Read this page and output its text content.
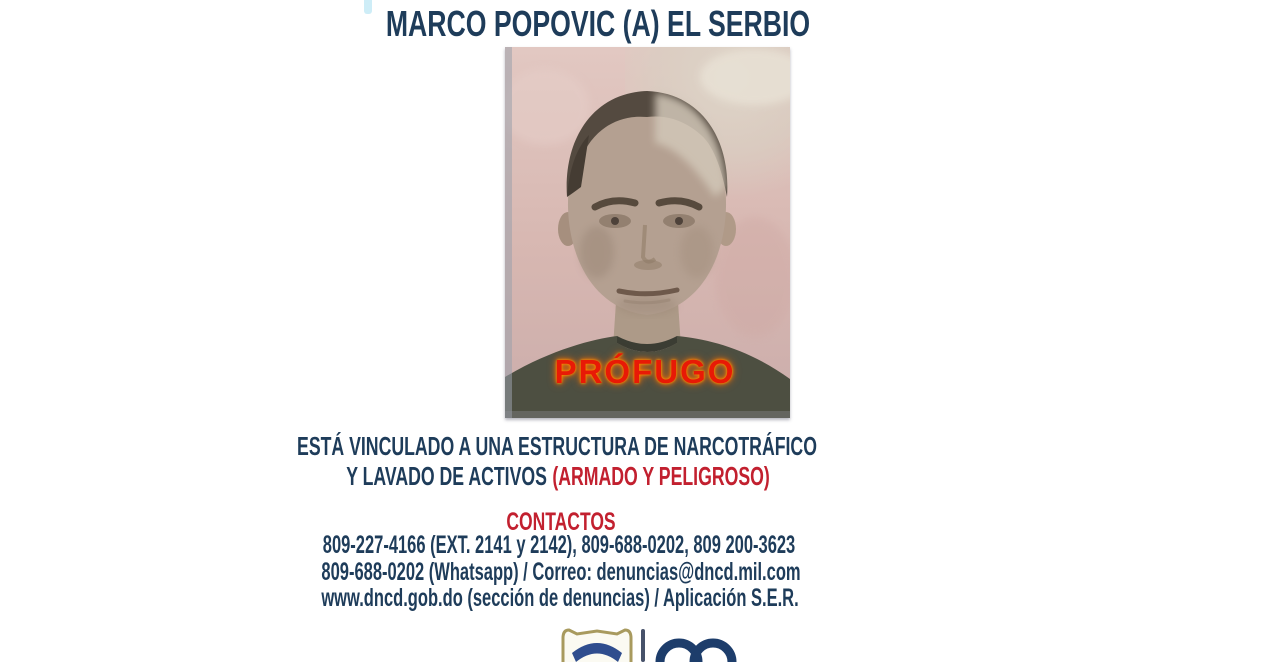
MARCO POPOVIC (A) EL SERBIO
PRÓFUGO
ESTÁ VINCULADO A UNA ESTRUCTURA DE NARCOTRÁFICO
Y LAVADO DE ACTIVOS (ARMADO Y PELIGROSO)
CONTACTOS
809-227-4166 (EXT. 2141 y 2142), 809-688-0202, 809 200-3623
809-688-0202 (Whatsapp) / Correo: denuncias@dncd.mil.com
www.dncd.gob.do (sección de denuncias) / Aplicación S.E.R.
